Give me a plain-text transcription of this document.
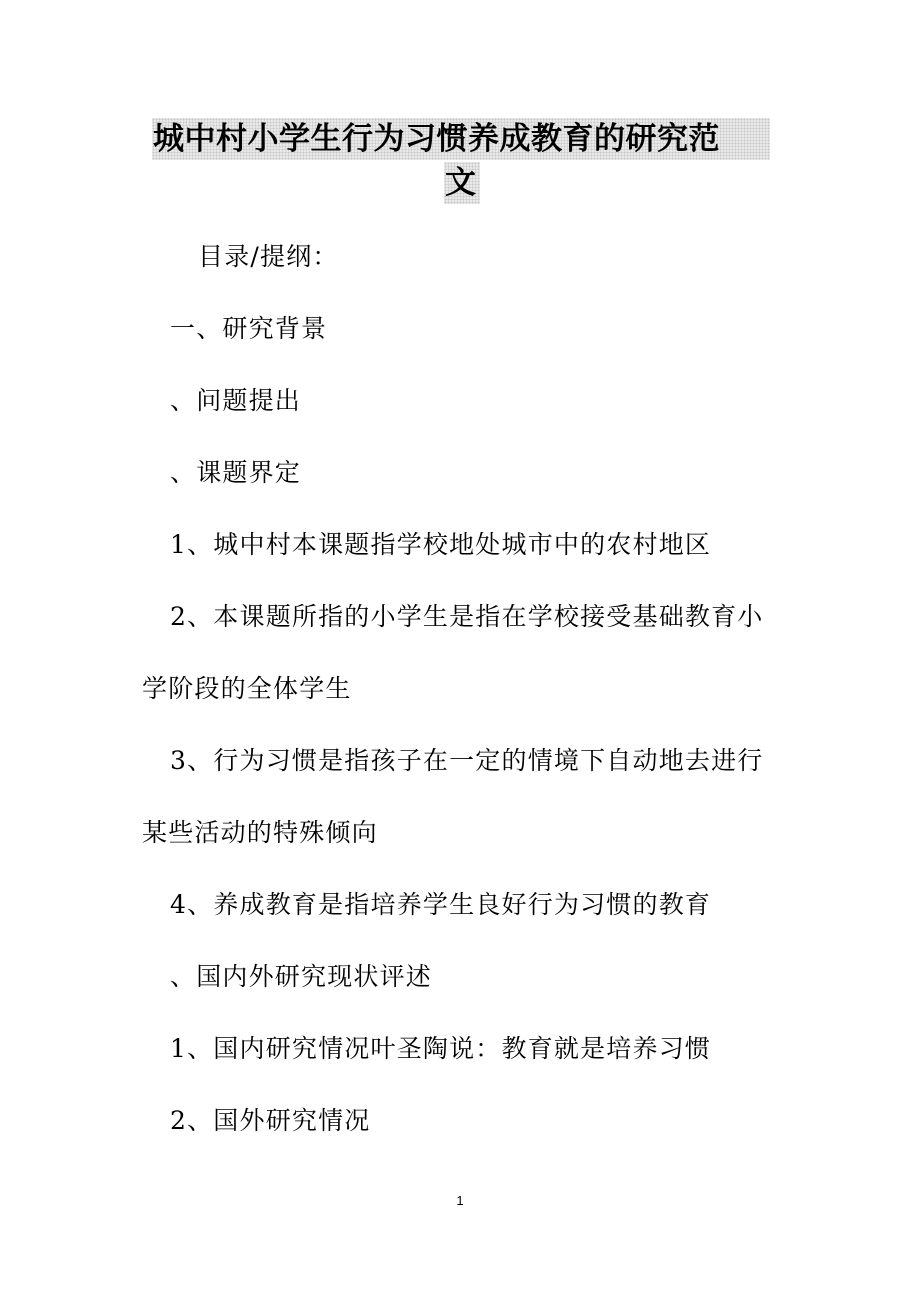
城中村小学生行为习惯养成教育的研究范
文
目录/提纲：
一、研究背景
、问题提出
、课题界定
1、城中村本课题指学校地处城市中的农村地区
2、本课题所指的小学生是指在学校接受基础教育小
学阶段的全体学生
3、行为习惯是指孩子在一定的情境下自动地去进行
某些活动的特殊倾向
4、养成教育是指培养学生良好行为习惯的教育
、国内外研究现状评述
1、国内研究情况叶圣陶说：教育就是培养习惯
2、国外研究情况
1
